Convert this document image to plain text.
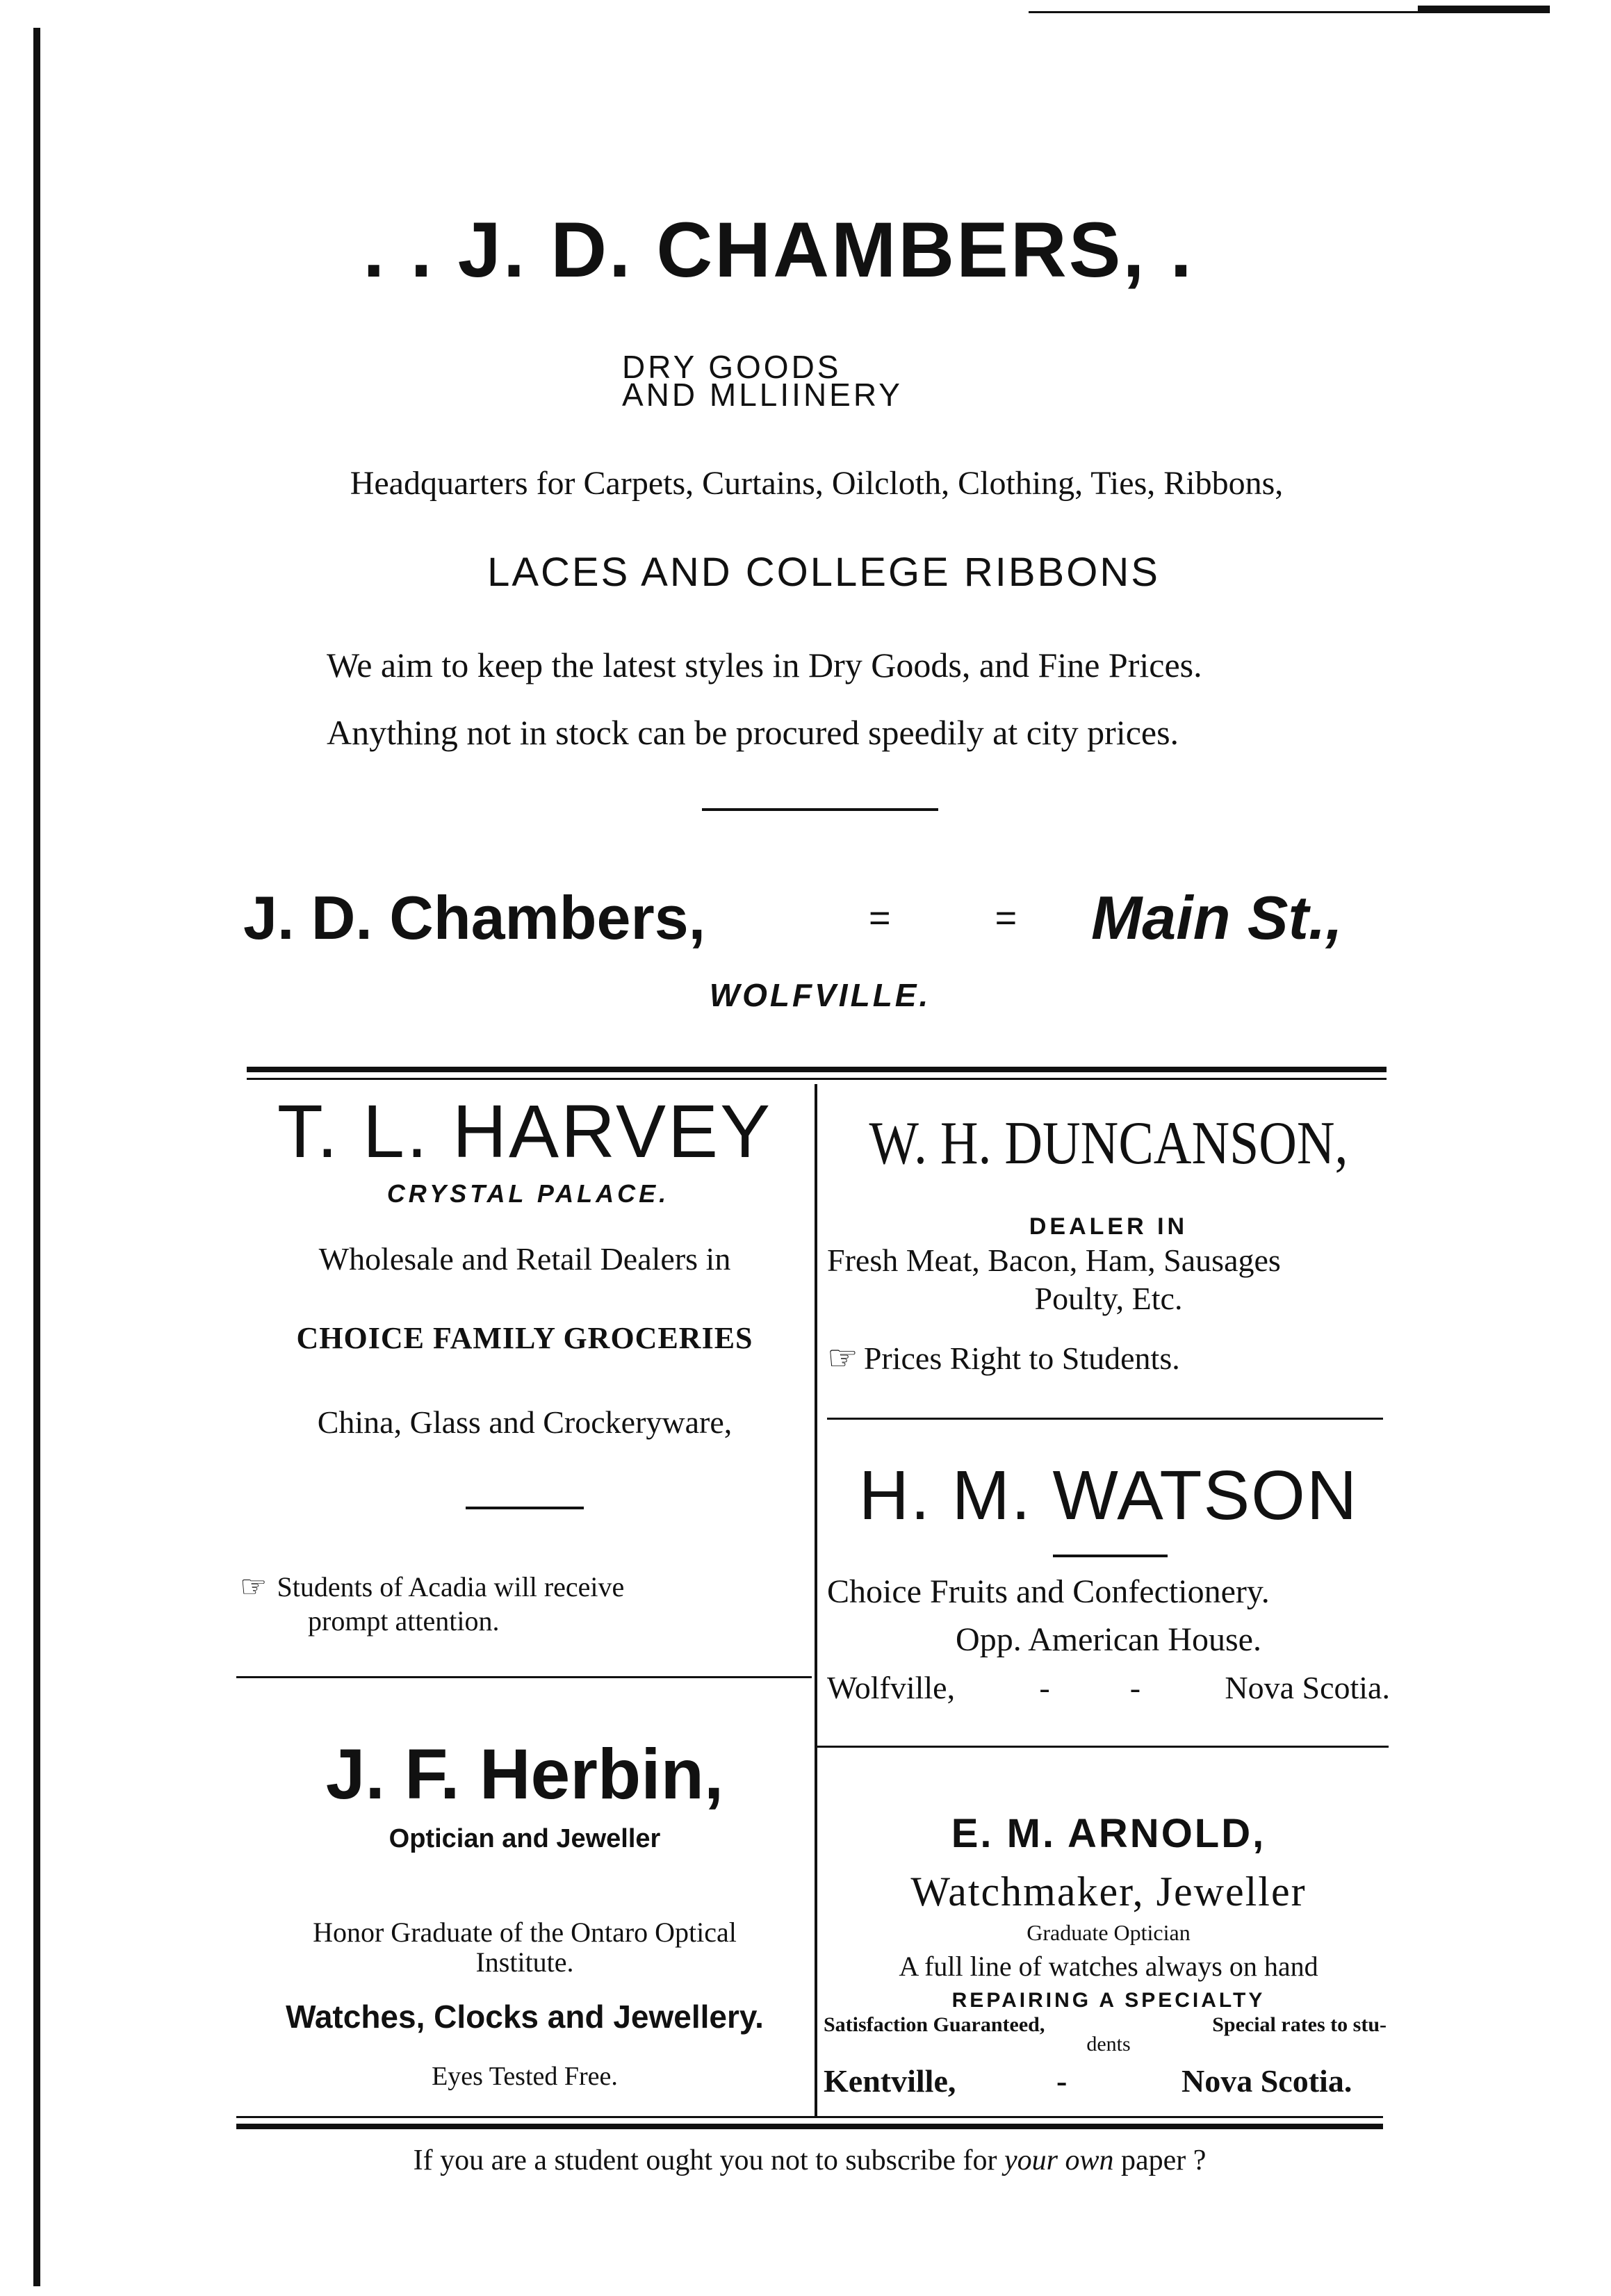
. . J. D. CHAMBERS, .
DRY GOODS
AND MLLIINERY
Headquarters for Carpets, Curtains, Oilcloth, Clothing, Ties, Ribbons,
LACES AND COLLEGE RIBBONS
We aim to keep the latest styles in Dry Goods, and Fine Prices.
Anything not in stock can be procured speedily at city prices.
J. D. Chambers,	=          = Main St.,
WOLFVILLE.
T. L. HARVEY
CRYSTAL PALACE.
Wholesale and Retail Dealers in
CHOICE FAMILY GROCERIES
China, Glass and Crockeryware,
☞ Students of Acadia will receive
prompt attention.
W. H. DUNCANSON,
DEALER IN
Fresh Meat, Bacon, Ham, Sausages
Poulty, Etc.
☞ Prices Right to Students.
H. M. WATSON
Choice Fruits and Confectionery.
Opp. American House.
Wolfville,	-          -	Nova Scotia.
J. F. Herbin,
Optician and Jeweller
Honor Graduate of the Ontaro Optical
Institute.
Watches, Clocks and Jewellery.
Eyes Tested Free.
E. M. ARNOLD,
Watchmaker, Jeweller
Graduate Optician
A full line of watches always on hand
REPAIRING A SPECIALTY
Satisfaction Guaranteed,	Special rates to stu-
dents
Kentville,	-	Nova Scotia.
If you are a student ought you not to subscribe for your own paper ?
